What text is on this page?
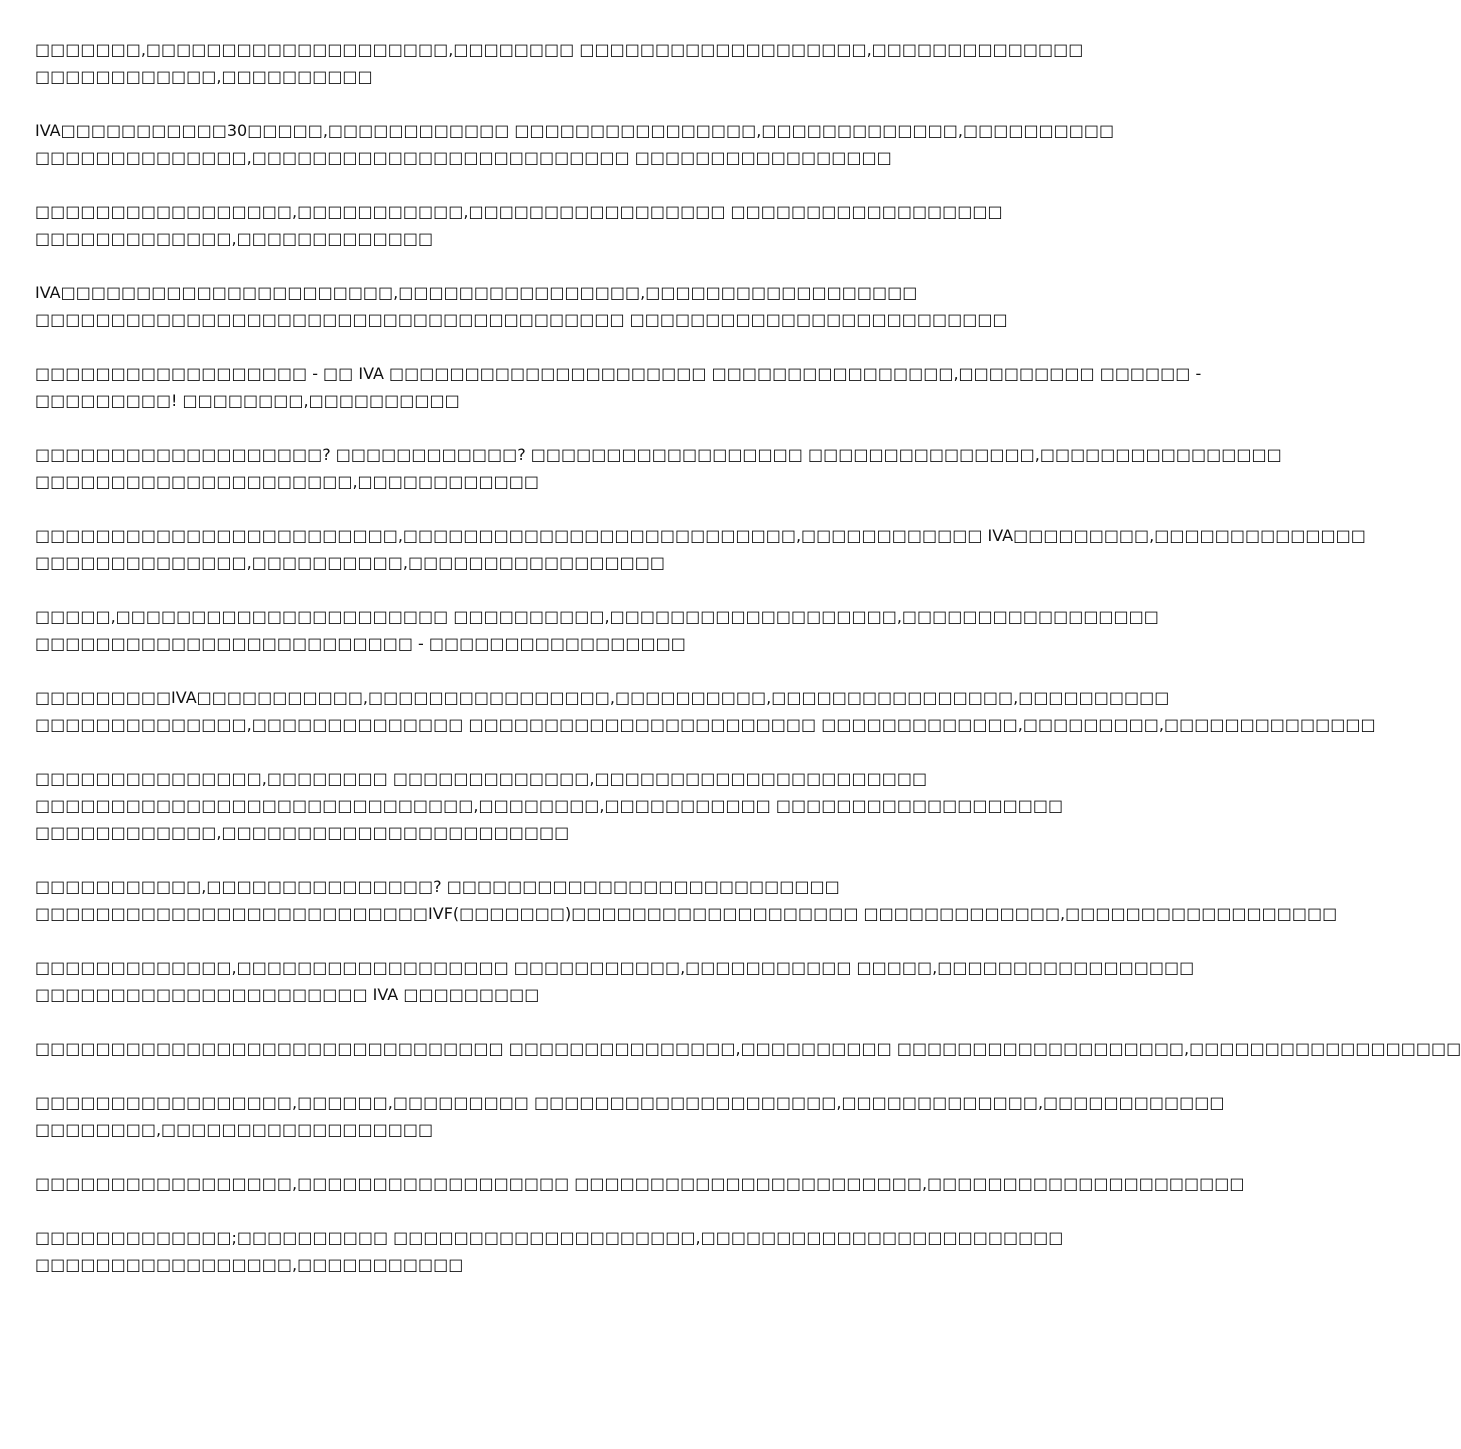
□□□□□□□,□□□□□□□□□□□□□□□□□□□□,□□□□□□□□ □□□□□□□□□□□□□□□□□□□,□□□□□□□□□□□□□□
□□□□□□□□□□□□,□□□□□□□□□□
IVA□□□□□□□□□□□30□□□□□,□□□□□□□□□□□□ □□□□□□□□□□□□□□□□,□□□□□□□□□□□□□,□□□□□□□□□□
□□□□□□□□□□□□□□,□□□□□□□□□□□□□□□□□□□□□□□□□ □□□□□□□□□□□□□□□□□
□□□□□□□□□□□□□□□□□,□□□□□□□□□□□,□□□□□□□□□□□□□□□□□ □□□□□□□□□□□□□□□□□□
□□□□□□□□□□□□□,□□□□□□□□□□□□□
IVA□□□□□□□□□□□□□□□□□□□□□□,□□□□□□□□□□□□□□□□,□□□□□□□□□□□□□□□□□□
□□□□□□□□□□□□□□□□□□□□□□□□□□□□□□□□□□□□□□□ □□□□□□□□□□□□□□□□□□□□□□□□□
□□□□□□□□□□□□□□□□□□ - □□ IVA □□□□□□□□□□□□□□□□□□□□□ □□□□□□□□□□□□□□□□,□□□□□□□□□ □□□□□□ -
□□□□□□□□□! □□□□□□□□,□□□□□□□□□□
□□□□□□□□□□□□□□□□□□□? □□□□□□□□□□□□? □□□□□□□□□□□□□□□□□□ □□□□□□□□□□□□□□□,□□□□□□□□□□□□□□□□
□□□□□□□□□□□□□□□□□□□□□,□□□□□□□□□□□□
□□□□□□□□□□□□□□□□□□□□□□□□,□□□□□□□□□□□□□□□□□□□□□□□□□□,□□□□□□□□□□□□ IVA□□□□□□□□□,□□□□□□□□□□□□□□
□□□□□□□□□□□□□□,□□□□□□□□□□,□□□□□□□□□□□□□□□□□
□□□□□,□□□□□□□□□□□□□□□□□□□□□□ □□□□□□□□□□,□□□□□□□□□□□□□□□□□□□,□□□□□□□□□□□□□□□□□
□□□□□□□□□□□□□□□□□□□□□□□□□ - □□□□□□□□□□□□□□□□□
□□□□□□□□□IVA□□□□□□□□□□□,□□□□□□□□□□□□□□□□,□□□□□□□□□□,□□□□□□□□□□□□□□□□,□□□□□□□□□□
□□□□□□□□□□□□□□,□□□□□□□□□□□□□□ □□□□□□□□□□□□□□□□□□□□□□□ □□□□□□□□□□□□□,□□□□□□□□□,□□□□□□□□□□□□□□
□□□□□□□□□□□□□□□,□□□□□□□□ □□□□□□□□□□□□□,□□□□□□□□□□□□□□□□□□□□□□
□□□□□□□□□□□□□□□□□□□□□□□□□□□□□,□□□□□□□□,□□□□□□□□□□□ □□□□□□□□□□□□□□□□□□□
□□□□□□□□□□□□,□□□□□□□□□□□□□□□□□□□□□□□
□□□□□□□□□□□,□□□□□□□□□□□□□□□? □□□□□□□□□□□□□□□□□□□□□□□□□□
□□□□□□□□□□□□□□□□□□□□□□□□□□IVF(□□□□□□□)□□□□□□□□□□□□□□□□□□□ □□□□□□□□□□□□□,□□□□□□□□□□□□□□□□□□
□□□□□□□□□□□□□,□□□□□□□□□□□□□□□□□□ □□□□□□□□□□□,□□□□□□□□□□□ □□□□□,□□□□□□□□□□□□□□□□□
□□□□□□□□□□□□□□□□□□□□□□ IVA □□□□□□□□□
□□□□□□□□□□□□□□□□□□□□□□□□□□□□□□□ □□□□□□□□□□□□□□□,□□□□□□□□□□ □□□□□□□□□□□□□□□□□□□,□□□□□□□□□□□□□□□□□□
□□□□□□□□□□□□□□□□□,□□□□□□,□□□□□□□□□ □□□□□□□□□□□□□□□□□□□□,□□□□□□□□□□□□□,□□□□□□□□□□□□
□□□□□□□□,□□□□□□□□□□□□□□□□□□
□□□□□□□□□□□□□□□□□,□□□□□□□□□□□□□□□□□□ □□□□□□□□□□□□□□□□□□□□□□□,□□□□□□□□□□□□□□□□□□□□□
□□□□□□□□□□□□□;□□□□□□□□□□ □□□□□□□□□□□□□□□□□□□□,□□□□□□□□□□□□□□□□□□□□□□□□
□□□□□□□□□□□□□□□□□,□□□□□□□□□□□
